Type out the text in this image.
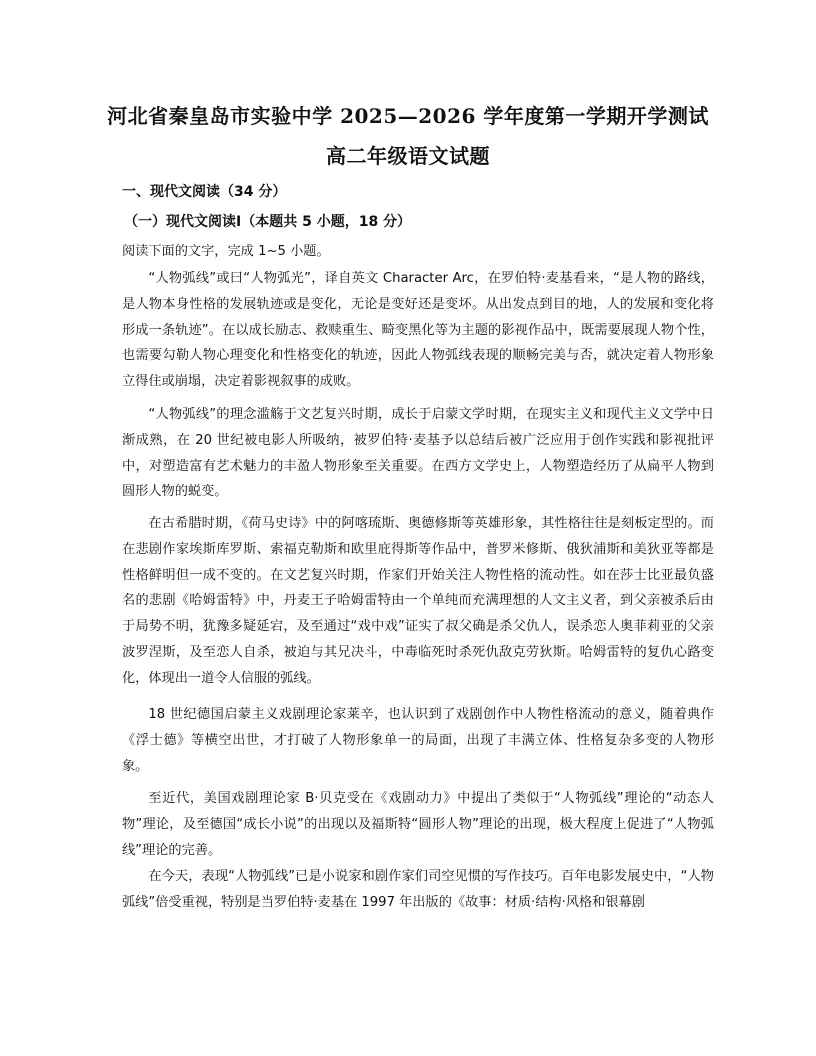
河北省秦皇岛市实验中学 2025—2026 学年度第一学期开学测试
高二年级语文试题
一、现代文阅读（34 分）
（一）现代文阅读Ⅰ（本题共 5 小题，18 分）
阅读下面的文字，完成 1~5 小题。

“人物弧线”或曰“人物弧光”，译自英文 Character Arc，在罗伯特·麦基看来，“是人物的路线，是人物本身性格的发展轨迹或是变化，无论是变好还是变坏。从出发点到目的地，人的发展和变化将形成一条轨迹”。在以成长励志、救赎重生、畸变黑化等为主题的影视作品中，既需要展现人物个性，也需要勾勒人物心理变化和性格变化的轨迹，因此人物弧线表现的顺畅完美与否，就决定着人物形象立得住或崩塌，决定着影视叙事的成败。

“人物弧线”的理念滥觞于文艺复兴时期，成长于启蒙文学时期，在现实主义和现代主义文学中日渐成熟，在 20 世纪被电影人所吸纳，被罗伯特·麦基予以总结后被广泛应用于创作实践和影视批评中，对塑造富有艺术魅力的丰盈人物形象至关重要。在西方文学史上，人物塑造经历了从扁平人物到圆形人物的蜕变。

在古希腊时期，《荷马史诗》中的阿喀琉斯、奥德修斯等英雄形象，其性格往往是刻板定型的。而在悲剧作家埃斯库罗斯、索福克勒斯和欧里庇得斯等作品中，普罗米修斯、俄狄浦斯和美狄亚等都是性格鲜明但一成不变的。在文艺复兴时期，作家们开始关注人物性格的流动性。如在莎士比亚最负盛名的悲剧《哈姆雷特》中，丹麦王子哈姆雷特由一个单纯而充满理想的人文主义者，到父亲被杀后由于局势不明，犹豫多疑延宕，及至通过“戏中戏”证实了叔父确是杀父仇人，误杀恋人奥菲莉亚的父亲波罗涅斯，及至恋人自杀，被迫与其兄决斗，中毒临死时杀死仇敌克劳狄斯。哈姆雷特的复仇心路变化，体现出一道令人信服的弧线。

18 世纪德国启蒙主义戏剧理论家莱辛，也认识到了戏剧创作中人物性格流动的意义，随着典作《浮士德》等横空出世，才打破了人物形象单一的局面，出现了丰满立体、性格复杂多变的人物形象。

至近代，美国戏剧理论家 B·贝克受在《戏剧动力》中提出了类似于“人物弧线”理论的“动态人物”理论，及至德国“成长小说”的出现以及福斯特“圆形人物”理论的出现，极大程度上促进了“人物弧线”理论的完善。

在今天，表现“人物弧线”已是小说家和剧作家们司空见惯的写作技巧。百年电影发展史中，“人物弧线”倍受重视，特别是当罗伯特·麦基在 1997 年出版的《故事：材质·结构·风格和银幕剧
